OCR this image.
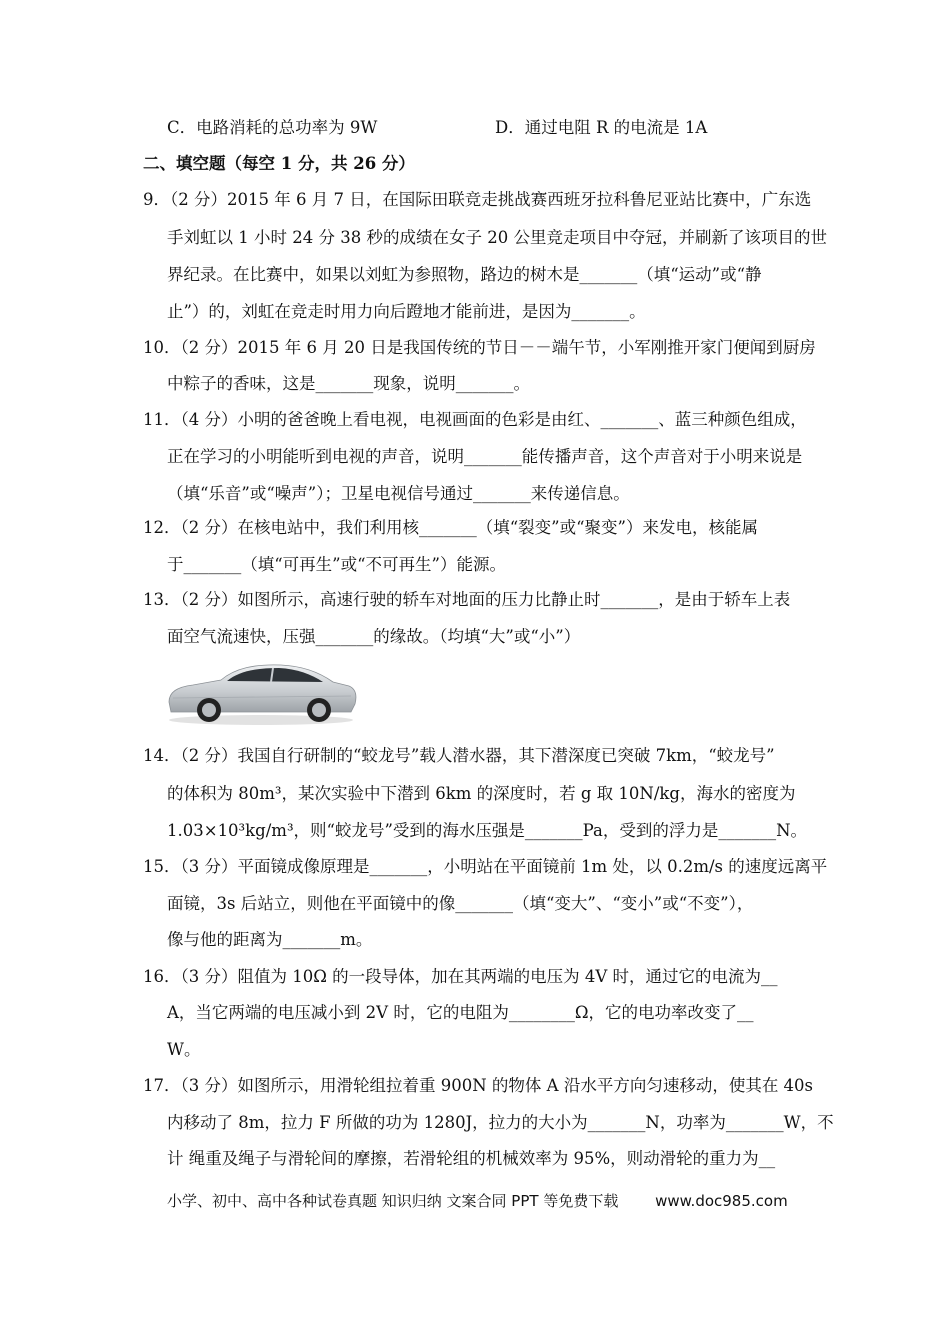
C．电路消耗的总功率为 9W	D．通过电阻 R 的电流是 1A
二、填空题（每空 1 分，共 26 分）
9．（2 分）2015 年 6 月 7 日，在国际田联竞走挑战赛西班牙拉科鲁尼亚站比赛中，广东选
手刘虹以 1 小时 24 分 38 秒的成绩在女子 20 公里竞走项目中夺冠，并刷新了该项目的世
界纪录。在比赛中，如果以刘虹为参照物，路边的树木是_______（填“运动”或“静
止”）的，刘虹在竞走时用力向后蹬地才能前进，是因为_______。
10．（2 分）2015 年 6 月 20 日是我国传统的节日－－端午节，小军刚推开家门便闻到厨房
中粽子的香味，这是_______现象，说明_______。
11．（4 分）小明的爸爸晚上看电视，电视画面的色彩是由红、_______、蓝三种颜色组成，
正在学习的小明能听到电视的声音，说明_______能传播声音，这个声音对于小明来说是
（填“乐音”或“噪声”）；卫星电视信号通过_______来传递信息。
12．（2 分）在核电站中，我们利用核_______（填“裂变”或“聚变”）来发电，核能属
于_______（填“可再生”或“不可再生”）能源。
13．（2 分）如图所示，高速行驶的轿车对地面的压力比静止时_______，是由于轿车上表
面空气流速快，压强_______的缘故。（均填“大”或“小”）
14．（2 分）我国自行研制的“蛟龙号”载人潜水器，其下潜深度已突破 7km，“蛟龙号”
的体积为 80m³，某次实验中下潜到 6km 的深度时，若 g 取 10N/kg，海水的密度为
1.03×10³kg/m³，则“蛟龙号”受到的海水压强是_______Pa，受到的浮力是_______N。
15．（3 分）平面镜成像原理是_______，小明站在平面镜前 1m 处，以 0.2m/s 的速度远离平
面镜，3s 后站立，则他在平面镜中的像_______（填“变大”、“变小”或“不变”），
像与他的距离为_______m。
16．（3 分）阻值为 10Ω 的一段导体，加在其两端的电压为 4V 时，通过它的电流为__
A，当它两端的电压减小到 2V 时，它的电阻为________Ω，它的电功率改变了__
W。
17．（3 分）如图所示，用滑轮组拉着重 900N 的物体 A 沿水平方向匀速移动，使其在 40s
内移动了 8m，拉力 F 所做的功为 1280J，拉力的大小为_______N，功率为_______W，不
计 绳重及绳子与滑轮间的摩擦，若滑轮组的机械效率为 95%，则动滑轮的重力为__
小学、初中、高中各种试卷真题 知识归纳 文案合同 PPT 等免费下载 www.doc985.com
